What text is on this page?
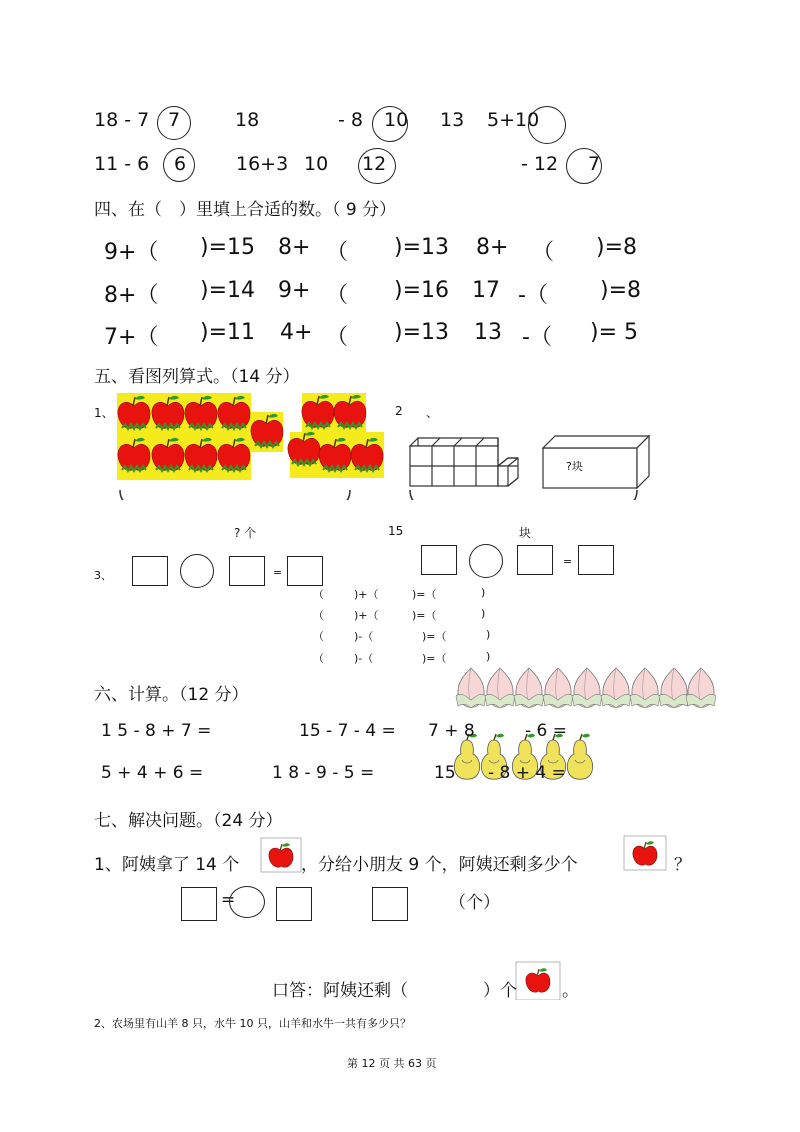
18 - 7 7	18	- 8 10 13 5+10
11 - 6 6	16+3 10 12	- 12 7
四、在（　）里填上合适的数。（ 9 分）
9+（ )=15 8+ （ )=13 8+ （ )=8
8+（ )=14 9+ （ )=16 17 -（ )=8
7+（ )=11 4+ （ )=13 13 -（ )= 5
五、看图列算式。（14 分）
1、	2 、
?块
? 个	15	块
3、	=
=
（	)+（	)=（	)
（	)+（	)=（	)
（	)-（	)=（	)
（	)-（	)=（	)
六、计算。（12 分）
1 5 - 8 + 7 =	15 - 7 - 4 = 7 + 8	- 6 =
5 + 4 + 6 =	1 8 - 9 - 5 =	15 - 8 + 4 =
七、解决问题。（24 分）
1、阿姨拿了 14 个	，分给小朋友 9 个，阿姨还剩多少个	？
=	（个）
口答：阿姨还剩（	）个	。
2、农场里有山羊 8 只，水牛 10 只，山羊和水牛一共有多少只？
第 12 页 共 63 页
